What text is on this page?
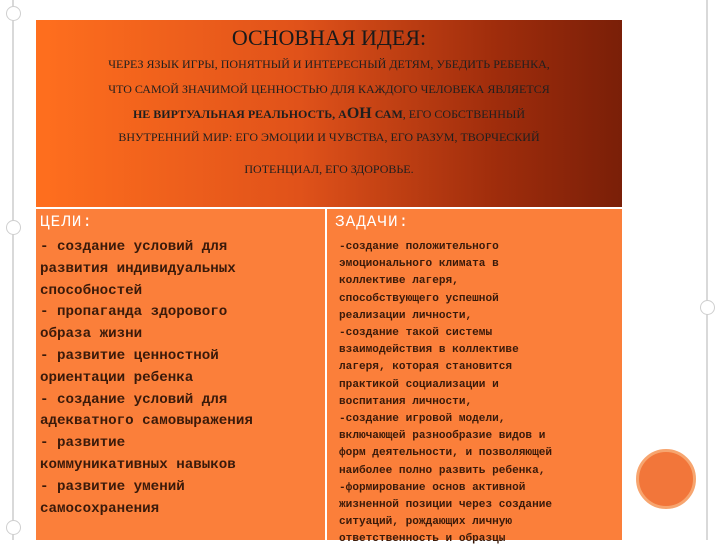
ОСНОВНАЯ ИДЕЯ:
ЧЕРЕЗ ЯЗЫК ИГРЫ, ПОНЯТНЫЙ И ИНТЕРЕСНЫЙ ДЕТЯМ, УБЕДИТЬ РЕБЕНКА,
ЧТО САМОЙ ЗНАЧИМОЙ ЦЕННОСТЬЮ ДЛЯ КАЖДОГО ЧЕЛОВЕКА ЯВЛЯЕТСЯ
НЕ ВИРТУАЛЬНАЯ РЕАЛЬНОСТЬ, АОН САМ, ЕГО СОБСТВЕННЫЙ
ВНУТРЕННИЙ МИР: ЕГО ЭМОЦИИ И ЧУВСТВА, ЕГО РАЗУМ, ТВОРЧЕСКИЙ
ПОТЕНЦИАЛ, ЕГО ЗДОРОВЬЕ.
ЦЕЛИ:
- создание условий для
развития индивидуальных
способностей
- пропаганда здорового
образа жизни
- развитие ценностной
ориентации ребенка
- создание условий для
адекватного самовыражения
- развитие
коммуникативных навыков
- развитие умений
самосохранения
ЗАДАЧИ:
-создание положительного
эмоционального климата в
коллективе лагеря,
способствующего успешной
реализации личности,
-создание такой системы
взаимодействия в коллективе
лагеря, которая становится
практикой социализации и
воспитания личности,
-создание игровой модели,
включающей разнообразие видов и
форм деятельности, и позволяющей
наиболее полно развить ребенка,
-формирование основ активной
жизненной позиции через создание
ситуаций, рождающих личную
ответственность и образцы
